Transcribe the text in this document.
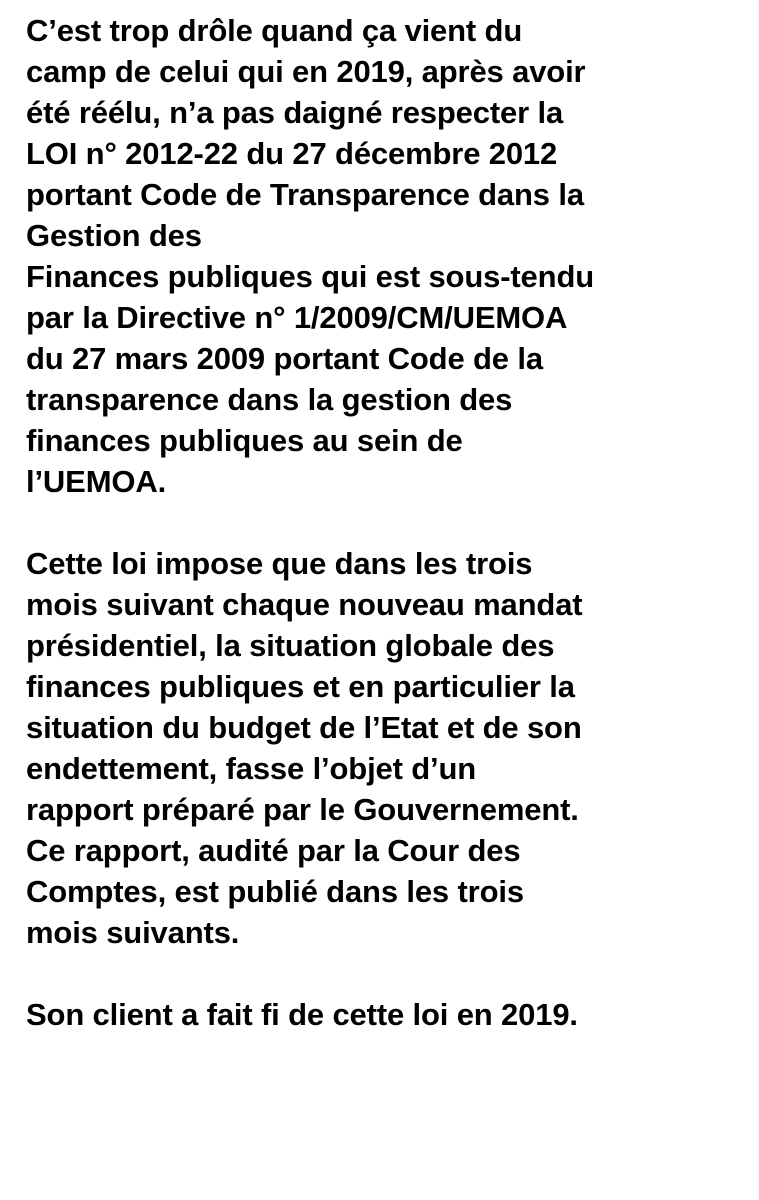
C’est trop drôle quand ça vient du
camp de celui qui en 2019, après avoir
été réélu, n’a pas daigné respecter la
LOI n° 2012-22 du 27 décembre 2012
portant Code de Transparence dans la
Gestion des
Finances publiques qui est sous-tendu
par la Directive n° 1/2009/CM/UEMOA
du 27 mars 2009 portant Code de la
transparence dans la gestion des
finances publiques au sein de
l’UEMOA.
Cette loi impose que dans les trois
mois suivant chaque nouveau mandat
présidentiel, la situation globale des
finances publiques et en particulier la
situation du budget de l’Etat et de son
endettement, fasse l’objet d’un
rapport préparé par le Gouvernement.
Ce rapport, audité par la Cour des
Comptes, est publié dans les trois
mois suivants.
Son client a fait fi de cette loi en 2019.
